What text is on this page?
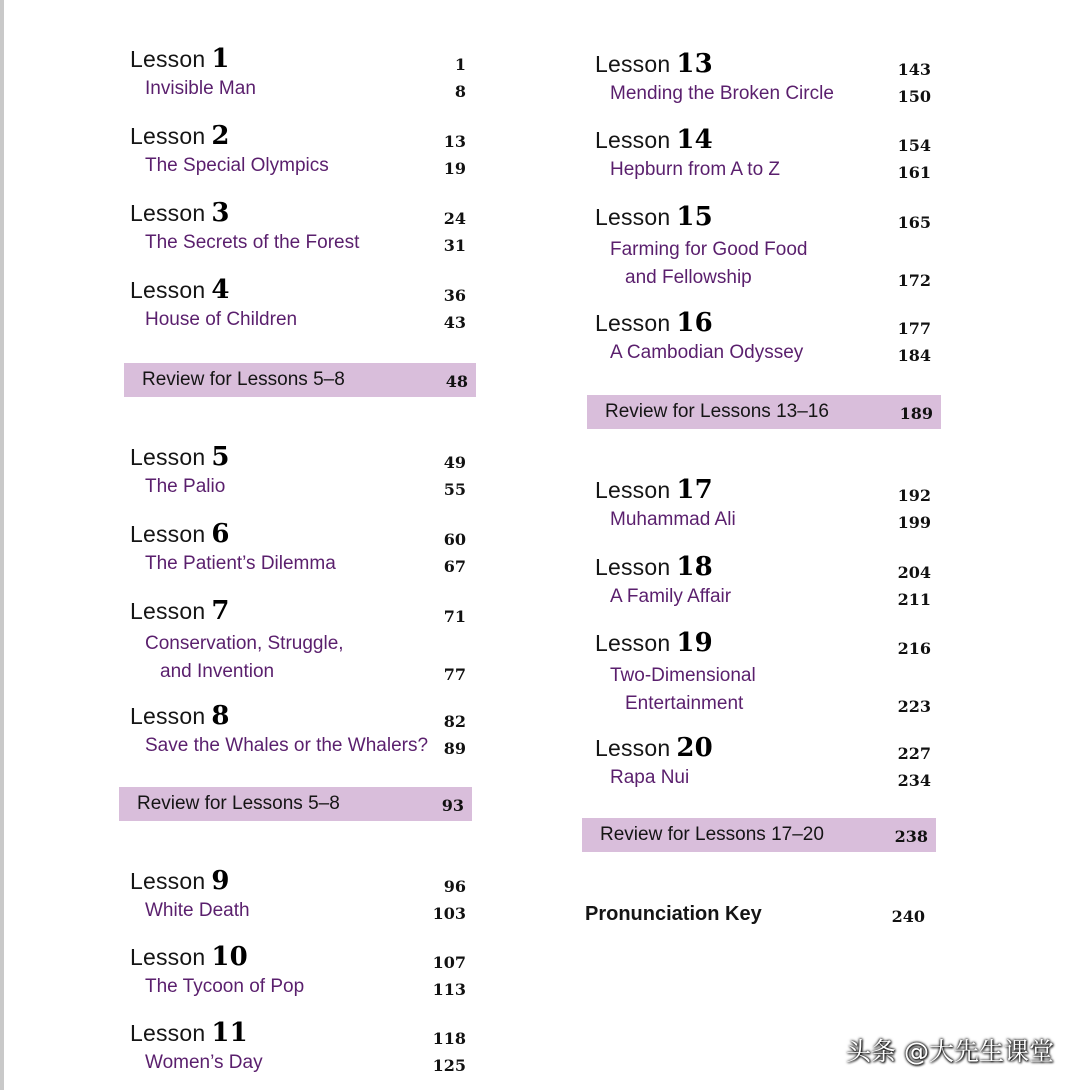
Lesson 1	1
Invisible Man	8
Lesson 2	13
The Special Olympics	19
Lesson 3	24
The Secrets of the Forest	31
Lesson 4	36
House of Children	43
Review for Lessons 5–8	48
Lesson 5	49
The Palio	55
Lesson 6	60
The Patient’s Dilemma	67
Lesson 7	71
Conservation, Struggle,
and Invention	77
Lesson 8	82
Save the Whales or the Whalers? 89
Review for Lessons 5–8	93
Lesson 9	96
White Death	103
Lesson 10	107
The Tycoon of Pop	113
Lesson 11	118
Women’s Day	125
Lesson 13	143
Mending the Broken Circle	150
Lesson 14	154
Hepburn from A to Z	161
Lesson 15	165
Farming for Good Food
and Fellowship	172
Lesson 16	177
A Cambodian Odyssey	184
Review for Lessons 13–16	189
Lesson 17	192
Muhammad Ali	199
Lesson 18	204
A Family Affair	211
Lesson 19	216
Two-Dimensional
Entertainment	223
Lesson 20	227
Rapa Nui	234
Review for Lessons 17–20	238
Pronunciation Key	240
头条 @大先生课堂
